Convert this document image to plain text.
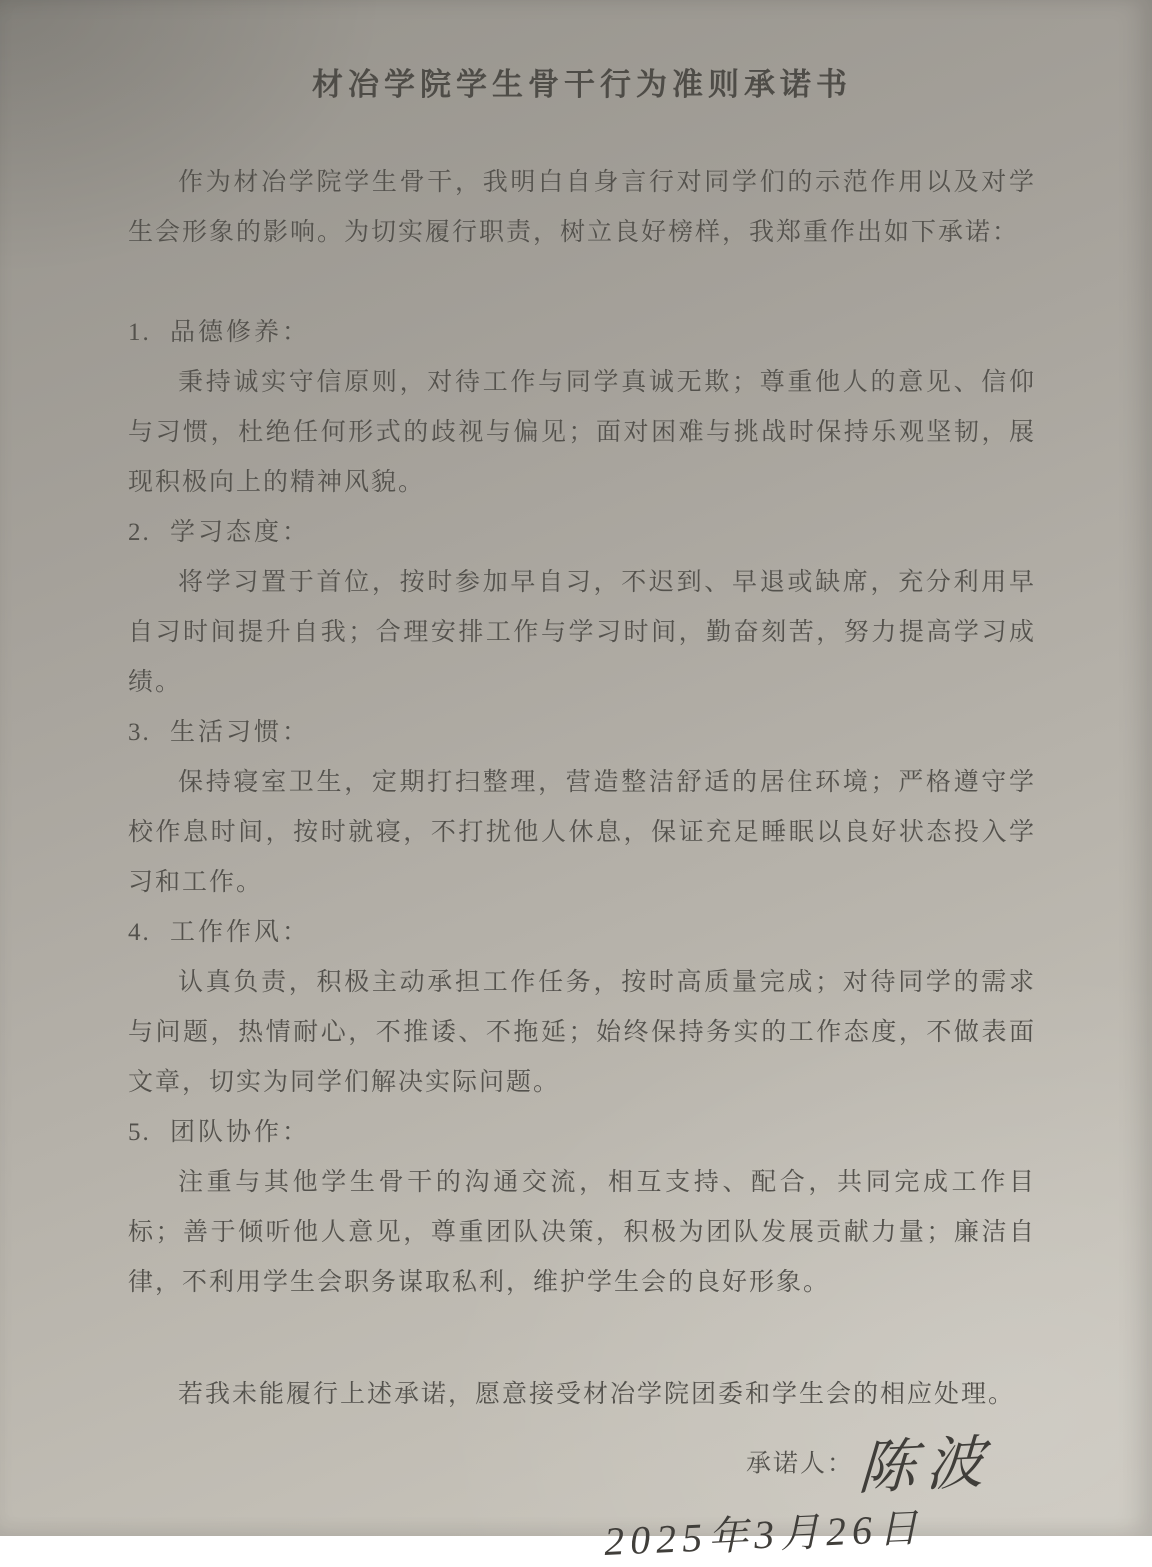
材冶学院学生骨干行为准则承诺书

作为材冶学院学生骨干，我明白自身言行对同学们的示范作用以及对学生会形象的影响。为切实履行职责，树立良好榜样，我郑重作出如下承诺：

1. 品德修养：

秉持诚实守信原则，对待工作与同学真诚无欺；尊重他人的意见、信仰与习惯，杜绝任何形式的歧视与偏见；面对困难与挑战时保持乐观坚韧，展现积极向上的精神风貌。

2. 学习态度：

将学习置于首位，按时参加早自习，不迟到、早退或缺席，充分利用早自习时间提升自我；合理安排工作与学习时间，勤奋刻苦，努力提高学习成绩。

3. 生活习惯：

保持寝室卫生，定期打扫整理，营造整洁舒适的居住环境；严格遵守学校作息时间，按时就寝，不打扰他人休息，保证充足睡眠以良好状态投入学习和工作。

4. 工作作风：

认真负责，积极主动承担工作任务，按时高质量完成；对待同学的需求与问题，热情耐心，不推诿、不拖延；始终保持务实的工作态度，不做表面文章，切实为同学们解决实际问题。

5. 团队协作：

注重与其他学生骨干的沟通交流，相互支持、配合，共同完成工作目标；善于倾听他人意见，尊重团队决策，积极为团队发展贡献力量；廉洁自律，不利用学生会职务谋取私利，维护学生会的良好形象。

若我未能履行上述承诺，愿意接受材冶学院团委和学生会的相应处理。

承诺人：陈波
2025年3月26日
